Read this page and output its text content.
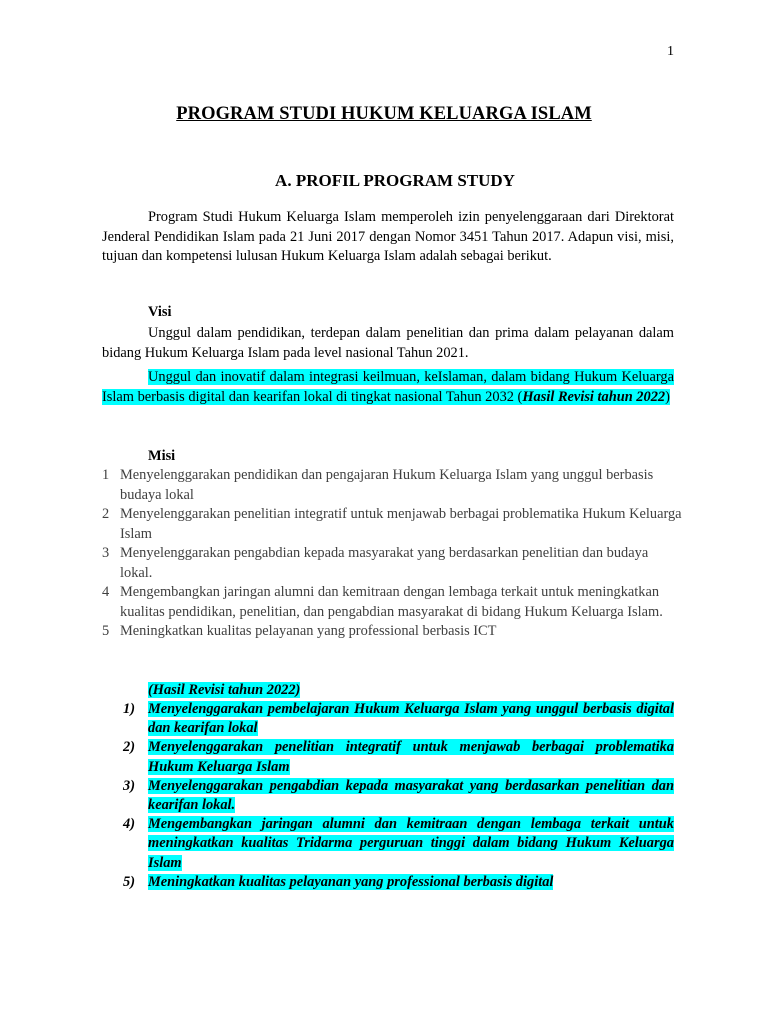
1
PROGRAM STUDI HUKUM KELUARGA ISLAM
A. PROFIL PROGRAM STUDY

Program Studi Hukum Keluarga Islam memperoleh izin penyelenggaraan dari Direktorat Jenderal Pendidikan Islam pada 21 Juni 2017 dengan Nomor 3451 Tahun 2017. Adapun visi, misi, tujuan dan kompetensi lulusan Hukum Keluarga Islam adalah sebagai berikut.

Visi

Unggul dalam pendidikan, terdepan dalam penelitian dan prima dalam pelayanan dalam bidang Hukum Keluarga Islam pada level nasional Tahun 2021.

Unggul dan inovatif dalam integrasi keilmuan, keIslaman, dalam bidang Hukum Keluarga Islam berbasis digital dan kearifan lokal di tingkat nasional Tahun 2032 (Hasil Revisi tahun 2022)

Misi
1 Menyelenggarakan pendidikan dan pengajaran Hukum Keluarga Islam yang unggul berbasis budaya lokal
2 Menyelenggarakan penelitian integratif untuk menjawab berbagai problematika Hukum Keluarga Islam
3 Menyelenggarakan pengabdian kepada masyarakat yang berdasarkan penelitian dan budaya lokal.
4 Mengembangkan jaringan alumni dan kemitraan dengan lembaga terkait untuk meningkatkan kualitas pendidikan, penelitian, dan pengabdian masyarakat di bidang Hukum Keluarga Islam.
5 Meningkatkan kualitas pelayanan yang professional berbasis ICT
(Hasil Revisi tahun 2022)
1) Menyelenggarakan pembelajaran Hukum Keluarga Islam yang unggul berbasis digital dan kearifan lokal
2) Menyelenggarakan penelitian integratif untuk menjawab berbagai problematika Hukum Keluarga Islam
3) Menyelenggarakan pengabdian kepada masyarakat yang berdasarkan penelitian dan kearifan lokal.
4) Mengembangkan jaringan alumni dan kemitraan dengan lembaga terkait untuk meningkatkan kualitas Tridarma perguruan tinggi dalam bidang Hukum Keluarga Islam
5) Meningkatkan kualitas pelayanan yang professional berbasis digital
